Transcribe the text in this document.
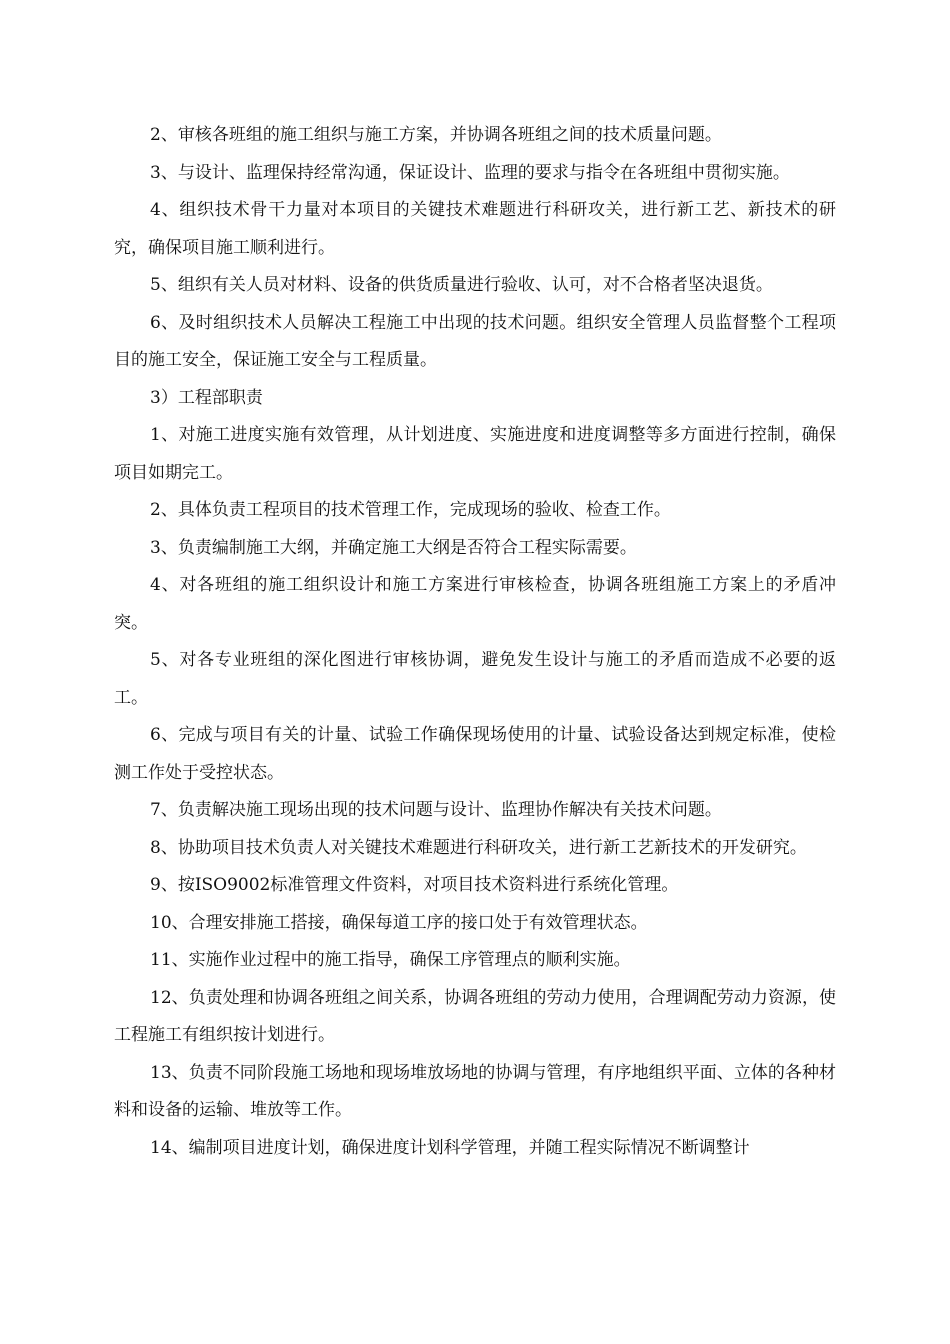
2、审核各班组的施工组织与施工方案，并协调各班组之间的技术质量问题。

3、与设计、监理保持经常沟通，保证设计、监理的要求与指令在各班组中贯彻实施。

4、组织技术骨干力量对本项目的关键技术难题进行科研攻关，进行新工艺、新技术的研究，确保项目施工顺利进行。

5、组织有关人员对材料、设备的供货质量进行验收、认可，对不合格者坚决退货。

6、及时组织技术人员解决工程施工中出现的技术问题。组织安全管理人员监督整个工程项目的施工安全，保证施工安全与工程质量。

3）工程部职责

1、对施工进度实施有效管理，从计划进度、实施进度和进度调整等多方面进行控制，确保项目如期完工。

2、具体负责工程项目的技术管理工作，完成现场的验收、检查工作。

3、负责编制施工大纲，并确定施工大纲是否符合工程实际需要。

4、对各班组的施工组织设计和施工方案进行审核检查，协调各班组施工方案上的矛盾冲突。

5、对各专业班组的深化图进行审核协调，避免发生设计与施工的矛盾而造成不必要的返工。

6、完成与项目有关的计量、试验工作确保现场使用的计量、试验设备达到规定标准，使检测工作处于受控状态。

7、负责解决施工现场出现的技术问题与设计、监理协作解决有关技术问题。

8、协助项目技术负责人对关键技术难题进行科研攻关，进行新工艺新技术的开发研究。

9、按ISO9002标准管理文件资料，对项目技术资料进行系统化管理。

10、合理安排施工搭接，确保每道工序的接口处于有效管理状态。

11、实施作业过程中的施工指导，确保工序管理点的顺利实施。

12、负责处理和协调各班组之间关系，协调各班组的劳动力使用，合理调配劳动力资源，使工程施工有组织按计划进行。

13、负责不同阶段施工场地和现场堆放场地的协调与管理，有序地组织平面、立体的各种材料和设备的运输、堆放等工作。

14、编制项目进度计划，确保进度计划科学管理，并随工程实际情况不断调整计
